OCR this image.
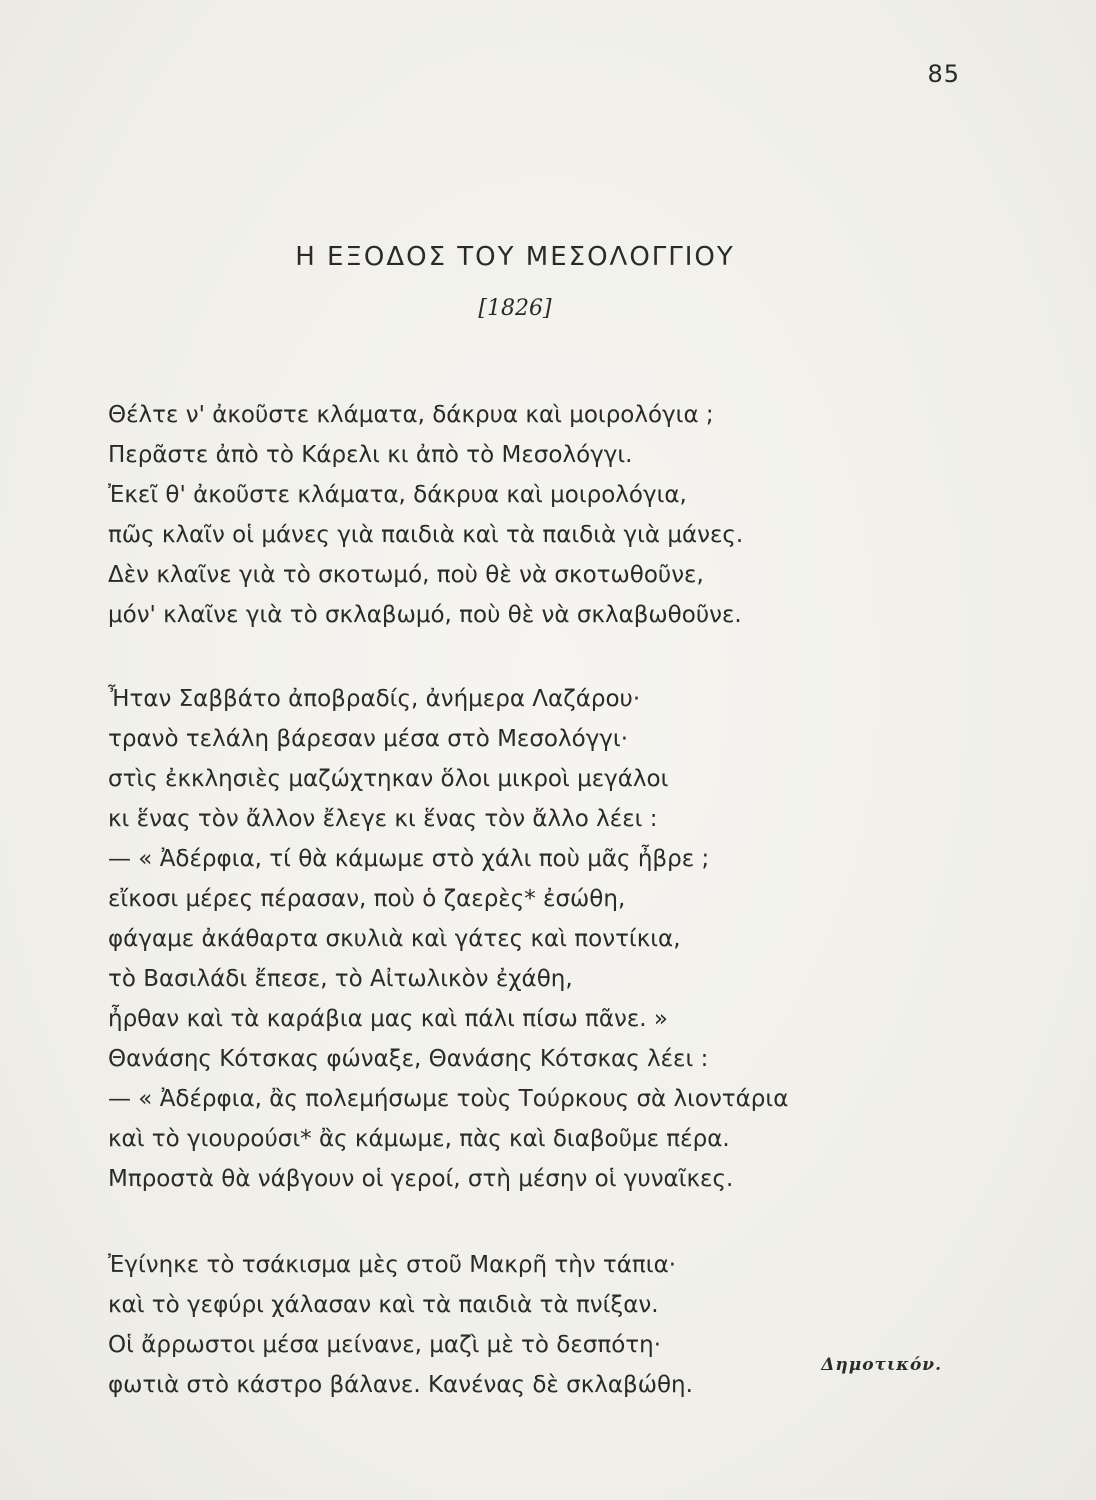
85
Η ΕΞΟΔΟΣ ΤΟΥ ΜΕΣΟΛΟΓΓΙΟΥ
[1826]
Θέλτε ν' ἀκοῦστε κλάματα, δάκρυα καὶ μοιρολόγια ;
Περᾶστε ἀπὸ τὸ Κάρελι κι ἀπὸ τὸ Μεσολόγγι.
Ἐκεῖ θ' ἀκοῦστε κλάματα, δάκρυα καὶ μοιρολόγια,
πῶς κλαῖν οἱ μάνες γιὰ παιδιὰ καὶ τὰ παιδιὰ γιὰ μάνες.
Δὲν κλαῖνε γιὰ τὸ σκοτωμό, ποὺ θὲ νὰ σκοτωθοῦνε,
μόν' κλαῖνε γιὰ τὸ σκλαβωμό, ποὺ θὲ νὰ σκλαβωθοῦνε.
Ἦταν Σαββάτο ἀποβραδίς, ἀνήμερα Λαζάρου·
τρανὸ τελάλη βάρεσαν μέσα στὸ Μεσολόγγι·
στὶς ἐκκλησιὲς μαζώχτηκαν ὅλοι μικροὶ μεγάλοι
κι ἕνας τὸν ἄλλον ἔλεγε κι ἕνας τὸν ἄλλο λέει :
— « Ἀδέρφια, τί θὰ κάμωμε στὸ χάλι ποὺ μᾶς ἦβρε ;
εἴκοσι μέρες πέρασαν, ποὺ ὁ ζαερὲς* ἐσώθη,
φάγαμε ἀκάθαρτα σκυλιὰ καὶ γάτες καὶ ποντίκια,
τὸ Βασιλάδι ἔπεσε, τὸ Αἰτωλικὸν ἐχάθη,
ἦρθαν καὶ τὰ καράβια μας καὶ πάλι πίσω πᾶνε. »
Θανάσης Κότσκας φώναξε, Θανάσης Κότσκας λέει :
— « Ἀδέρφια, ἂς πολεμήσωμε τοὺς Τούρκους σὰ λιοντάρια
καὶ τὸ γιουρούσι* ἂς κάμωμε, πὰς καὶ διαβοῦμε πέρα.
Μπροστὰ θὰ νάβγουν οἱ γεροί, στὴ μέσην οἱ γυναῖκες.
Ἐγίνηκε τὸ τσάκισμα μὲς στοῦ Μακρῆ τὴν τάπια·
καὶ τὸ γεφύρι χάλασαν καὶ τὰ παιδιὰ τὰ πνίξαν.
Οἱ ἄρρωστοι μέσα μείνανε, μαζὶ μὲ τὸ δεσπότη·
φωτιὰ στὸ κάστρο βάλανε. Κανένας δὲ σκλαβώθη.
Δημοτικόν.
